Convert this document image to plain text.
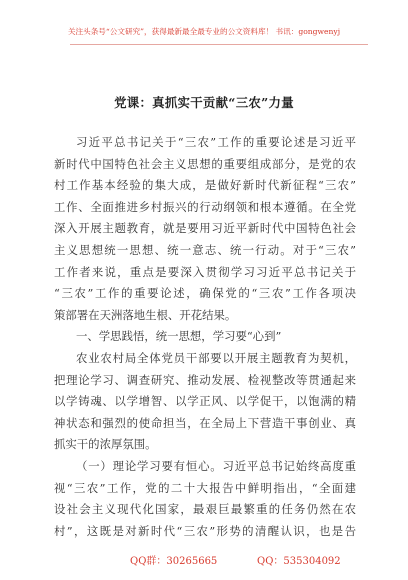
关注头条号“公文研究”，获得最新最全最专业的公文资料库！ 书讯：gongwenyj
党课：真抓实干贡献“三农”力量
习近平总书记关于“三农”工作的重要论述是习近平
新时代中国特色社会主义思想的重要组成部分，是党的农
村工作基本经验的集大成，是做好新时代新征程“三农”
工作、全面推进乡村振兴的行动纲领和根本遵循。在全党
深入开展主题教育，就是要用习近平新时代中国特色社会
主义思想统一思想、统一意志、统一行动。对于“三农”
工作者来说，重点是要深入贯彻学习习近平总书记关于
“三农”工作的重要论述，确保党的“三农”工作各项决
策部署在天洲落地生根、开花结果。
一、学思践悟，统一思想，学习要“心到”
农业农村局全体党员干部要以开展主题教育为契机，
把理论学习、调查研究、推动发展、检视整改等贯通起来
以学铸魂、以学增智、以学正风、以学促干，以饱满的精
神状态和强烈的使命担当，在全局上下营造干事创业、真
抓实干的浓厚氛围。
（一）理论学习要有恒心。习近平总书记始终高度重
视“三农”工作，党的二十大报告中鲜明指出，“全面建
设社会主义现代化国家，最艰巨最繁重的任务仍然在农
村”，这既是对新时代“三农”形势的清醒认识，也是告
QQ群：30265665	QQ：535304092
